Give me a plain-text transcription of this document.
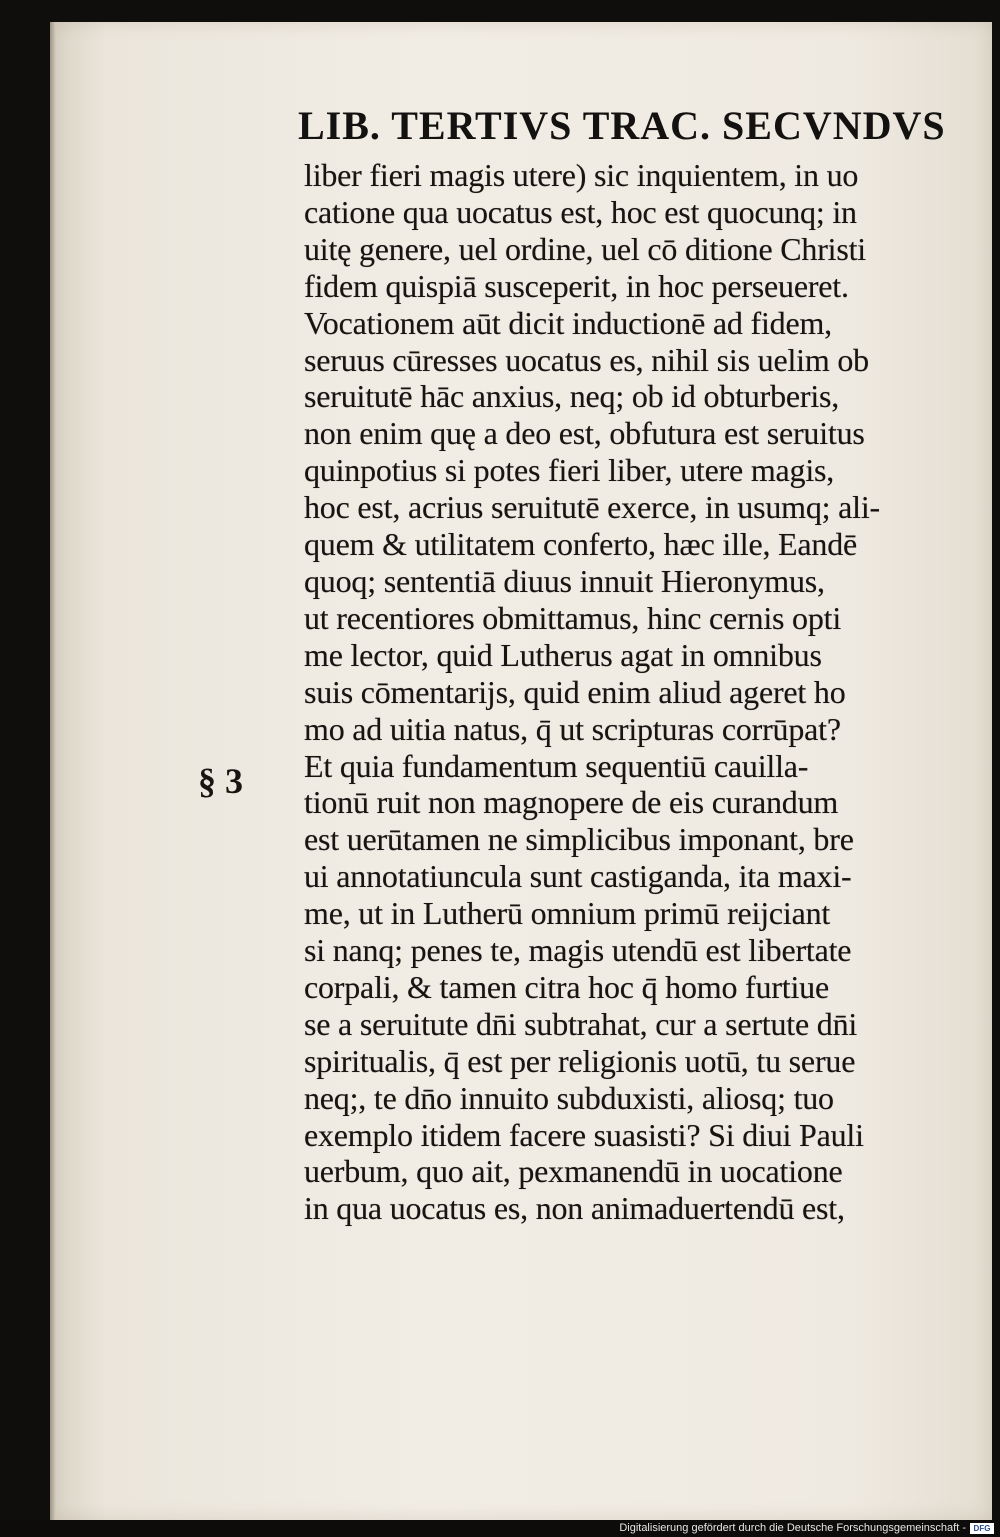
LIB. TERTIVS TRAC. SECVNDVS
§ 3
liber fieri magis utere) sic inquientem, in uo
catione qua uocatus est, hoc est quocunq; in
uitę genere, uel ordine, uel cō ditione Christi
fidem quispiā susceperit, in hoc perseueret.
Vocationem aūt dicit inductionē ad fidem,
seruus cūresses uocatus es, nihil sis uelim ob
seruitutē hāc anxius, neq; ob id obturberis,
non enim quę a deo est, obfutura est seruitus
quinpotius si potes fieri liber, utere magis,
hoc est, acrius seruitutē exerce, in usumq; ali-
quem & utilitatem conferto, hæc ille, Eandē
quoq; sententiā diuus innuit Hieronymus,
ut recentiores obmittamus, hinc cernis opti
me lector, quid Lutherus agat in omnibus
suis cōmentarijs, quid enim aliud ageret ho
mo ad uitia natus, q̄ ut scripturas corrūpat?
Et quia fundamentum sequentiū cauilla-
tionū ruit non magnopere de eis curandum
est uerūtamen ne simplicibus imponant, bre
ui annotatiuncula sunt castiganda, ita maxi-
me, ut in Lutherū omnium primū reijciant
si nanq; penes te, magis utendū est libertate
corpali, & tamen citra hoc q̄ homo furtiue
se a seruitute dn̄i subtrahat, cur a sertute dn̄i
spiritualis, q̄ est per religionis uotū, tu serue
neq;, te dn̄o innuito subduxisti, aliosq; tuo
exemplo itidem facere suasisti? Si diui Pauli
uerbum, quo ait, pexmanendū in uocatione
in qua uocatus es, non animaduertendū est,
Digitalisierung gefördert durch die Deutsche Forschungsgemeinschaft - DFG
